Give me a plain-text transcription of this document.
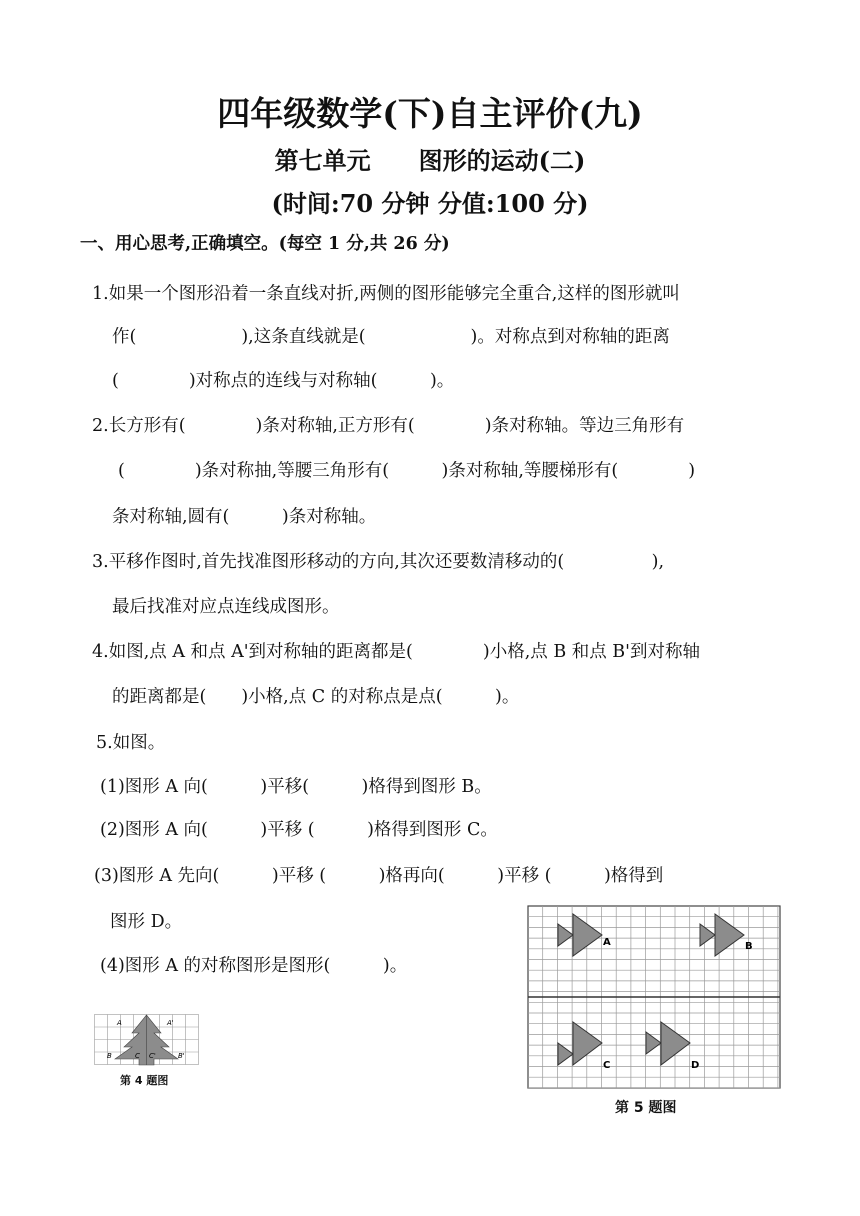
四年级数学(下)自主评价(九)
第七单元　　图形的运动(二)
(时间:70 分钟 分值:100 分)
一、用心思考,正确填空。(每空 1 分,共 26 分)
1.如果一个图形沿着一条直线对折,两侧的图形能够完全重合,这样的图形就叫
作(　　　　　　),这条直线就是(　　　　　　)。对称点到对称轴的距离
(　　　　)对称点的连线与对称轴(　　　)。
2.长方形有(　　　　)条对称轴,正方形有(　　　　)条对称轴。等边三角形有
(　　　　)条对称抽,等腰三角形有(　　　)条对称轴,等腰梯形有(　　　　)
条对称轴,圆有(　　　)条对称轴。
3.平移作图时,首先找准图形移动的方向,其次还要数清移动的(　　　　　),
最后找准对应点连线成图形。
4.如图,点 A 和点 A'到对称轴的距离都是(　　　　)小格,点 B 和点 B'到对称轴
的距离都是(　　)小格,点 C 的对称点是点(　　　)。
5.如图。
(1)图形 A 向(　　　)平移(　　　)格得到图形 B。
(2)图形 A 向(　　　)平移 (　　　)格得到图形 C。
(3)图形 A 先向(　　　)平移 (　　　)格再向(　　　)平移 (　　　)格得到
图形 D。
(4)图形 A 的对称图形是图形(　　　)。
A	A'
B	B'
C C'
第 4 题图
A	B
C	D
第 5 题图
